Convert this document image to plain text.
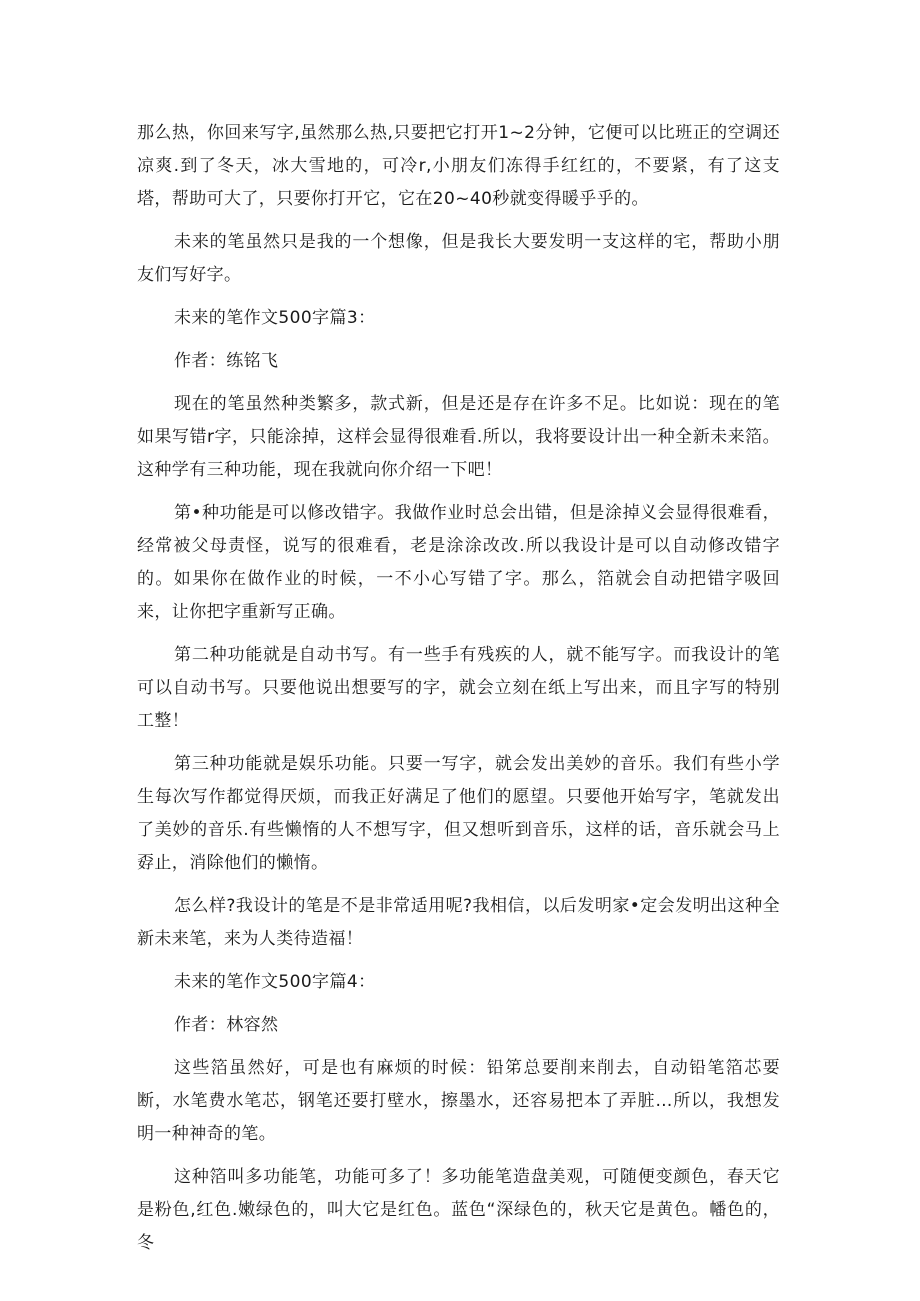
那么热，你回来写字,虽然那么热,只要把它打开1~2分钟，它便可以比班正的空调还凉爽.到了冬天，冰大雪地的，可冷r,小朋友们冻得手红红的，不要紧，有了这支塔，帮助可大了，只要你打开它，它在20~40秒就变得暖乎乎的。

未来的笔虽然只是我的一个想像，但是我长大要发明一支这样的宅，帮助小朋友们写好字。

未来的笔作文500字篇3：

作者：练铭飞

现在的笔虽然种类繁多，款式新，但是还是存在许多不足。比如说：现在的笔如果写错r字，只能涂掉，这样会显得很难看.所以，我将要设计出一种全新未来箔。这种学有三种功能，现在我就向你介绍一下吧！

第•种功能是可以修改错字。我做作业时总会出错，但是涂掉义会显得很难看，经常被父母责怪，说写的很难看，老是涂涂改改.所以我设计是可以自动修改错字的。如果你在做作业的时候，一不小心写错了字。那么，箔就会自动把错字吸回来，让你把字重新写正确。

第二种功能就是自动书写。有一些手有残疾的人，就不能写字。而我设计的笔可以自动书写。只要他说出想要写的字，就会立刻在纸上写出来，而且字写的特别工整！

第三种功能就是娱乐功能。只要一写字，就会发出美妙的音乐。我们有些小学生每次写作都觉得厌烦，而我正好满足了他们的愿望。只要他开始写字，笔就发出了美妙的音乐.有些懒惰的人不想写字，但又想听到音乐，这样的话，音乐就会马上孬止，消除他们的懒惰。

怎么样?我设计的笔是不是非常适用呢?我相信，以后发明家•定会发明出这种全新未来笔，来为人类待造福！

未来的笔作文500字篇4：

作者：林容然

这些箔虽然好，可是也有麻烦的时候：铅笫总要削来削去，自动铅笔箔芯要断，水笔费水笔芯，钢笔还要打壁水，擦墨水，还容易把本了弄脏…所以，我想发明一种神奇的笔。

这种箔叫多功能笔，功能可多了！多功能笔造盘美观，可随便变颜色，春天它是粉色,红色.嫩绿色的，叫大它是红色。蓝色“深绿色的，秋天它是黄色。幡色的，冬
